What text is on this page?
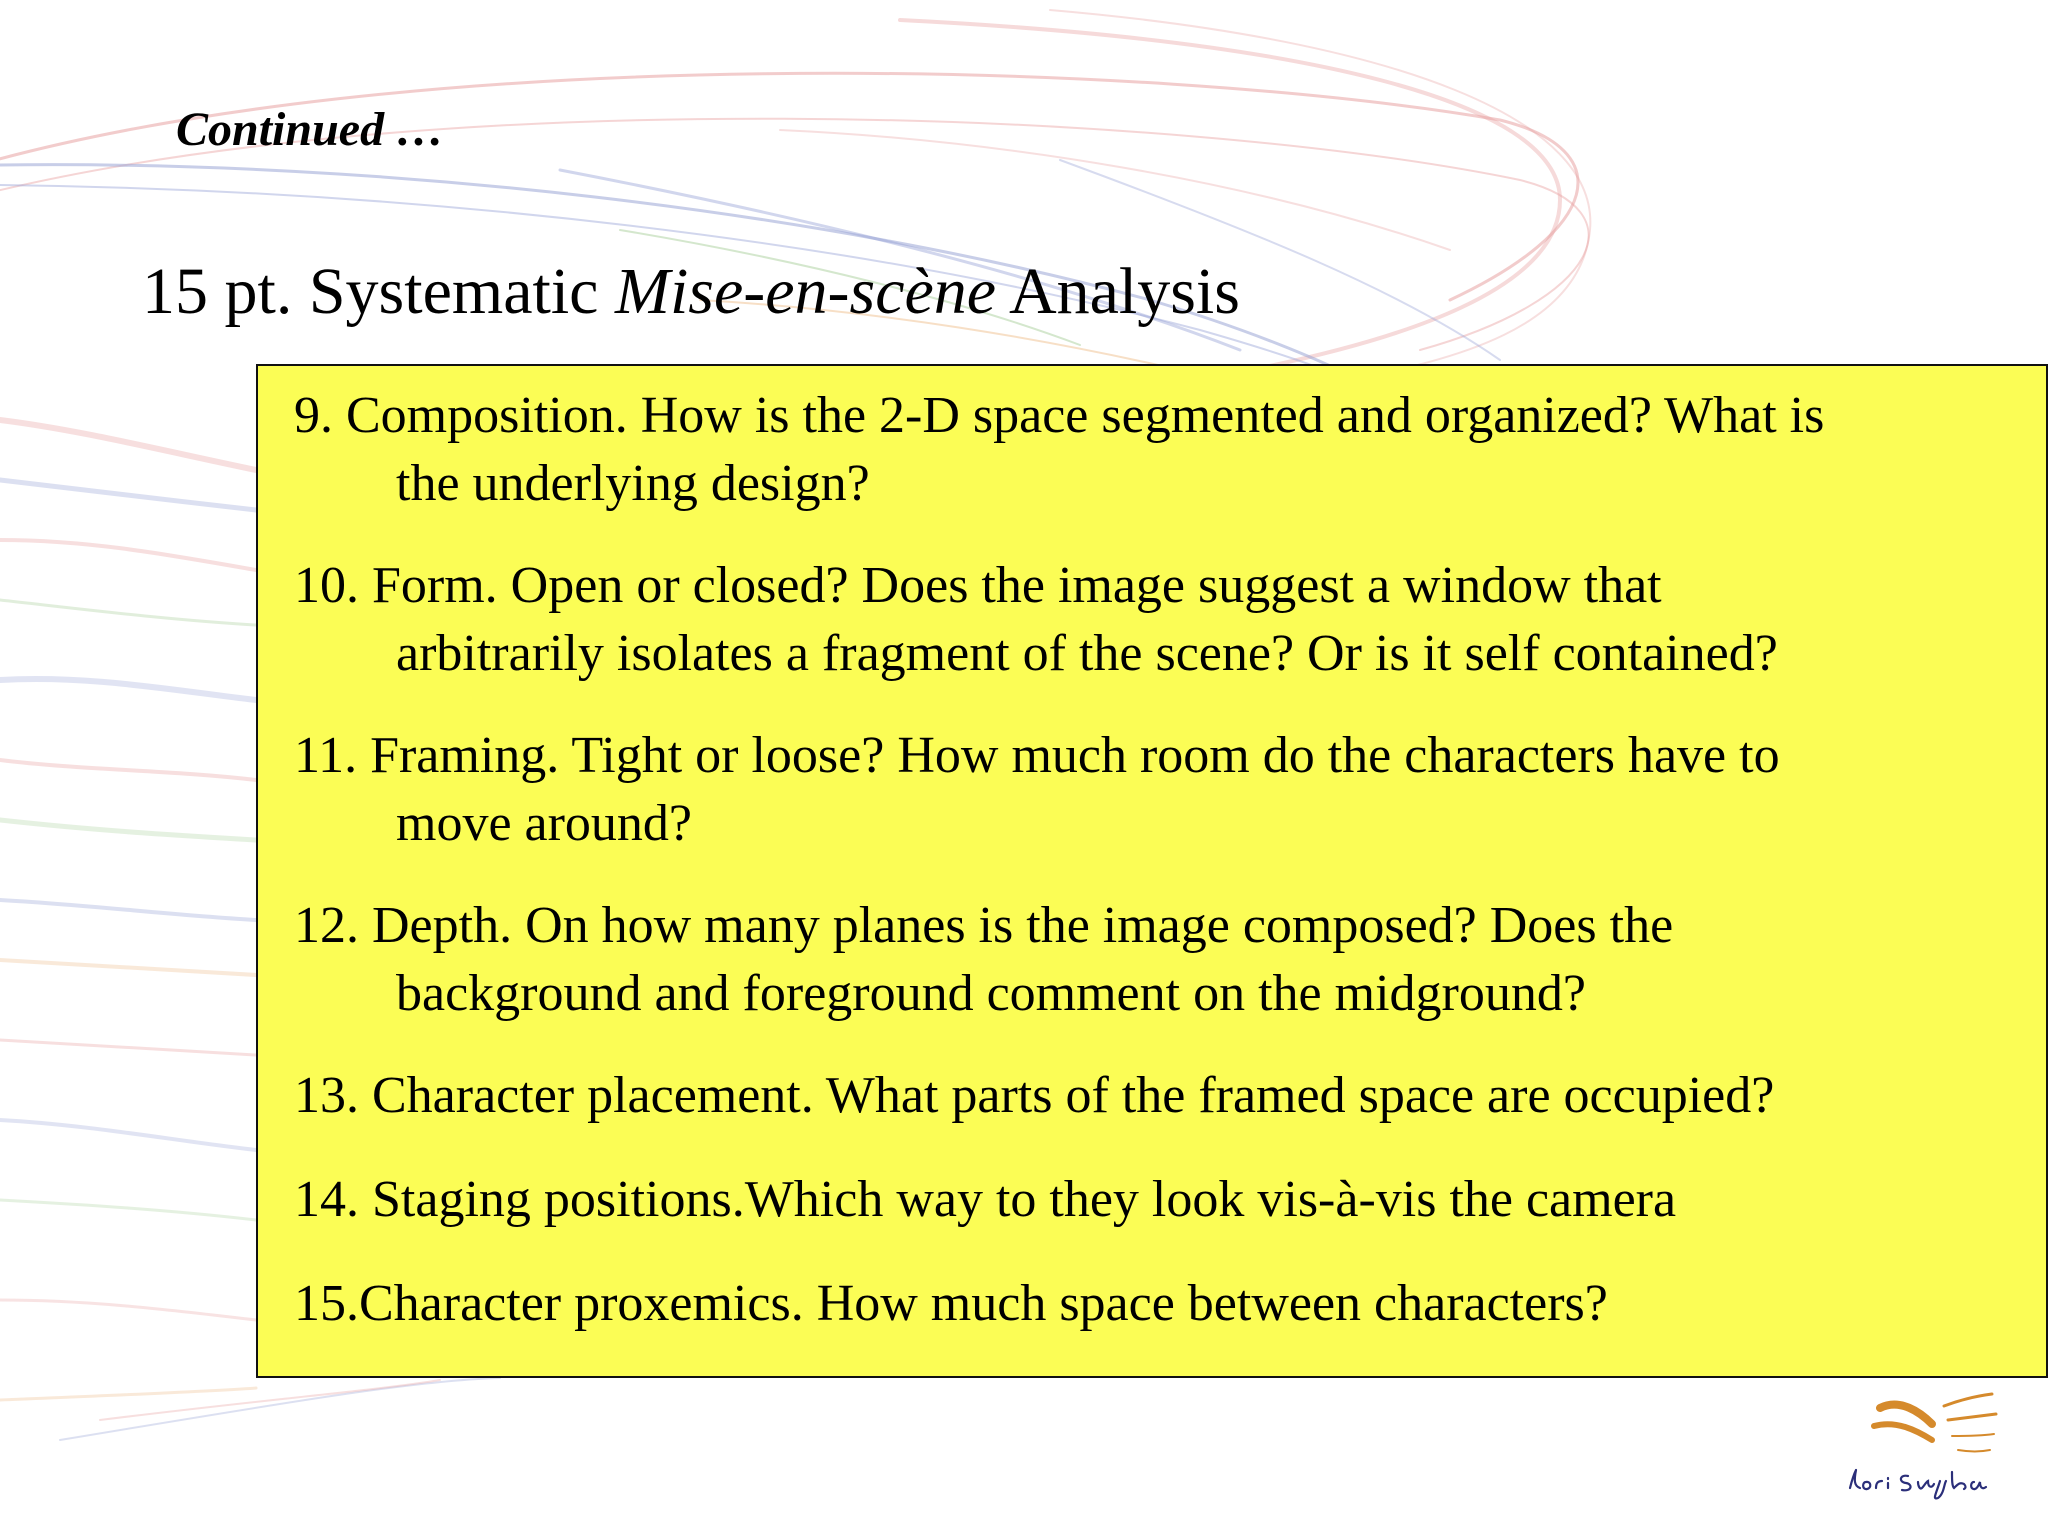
Continued …
15 pt. Systematic Mise-en-scène Analysis
9. Composition. How is the 2-D space segmented and organized? What is
the underlying design?
10. Form. Open or closed? Does the image suggest a window that
arbitrarily isolates a fragment of the scene? Or is it self contained?
11. Framing. Tight or loose? How much room do the characters have to
move around?
12. Depth. On how many planes is the image composed? Does the
background and foreground comment on the midground?
13. Character placement. What parts of the framed space are occupied?
14. Staging positions.Which way to they look vis-à-vis the camera
15.Character proxemics. How much space between characters?
